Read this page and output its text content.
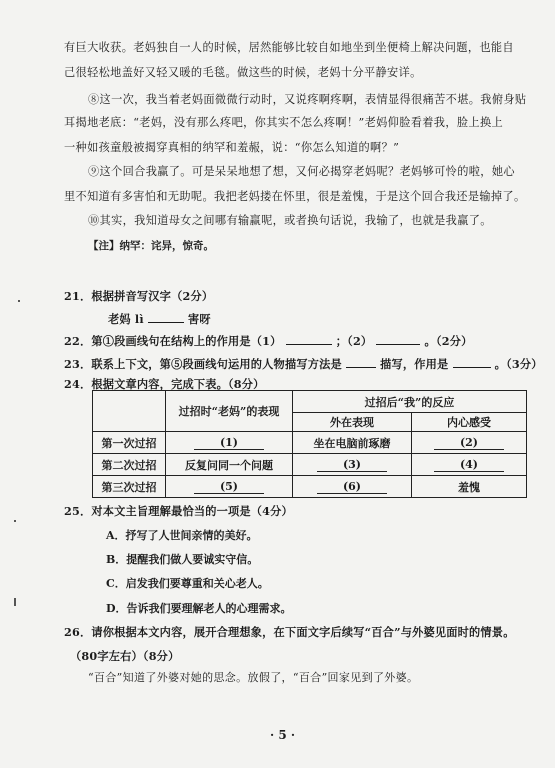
有巨大收获。老妈独自一人的时候，居然能够比较自如地坐到坐便椅上解决问题，也能自
己很轻松地盖好又轻又暖的毛毯。做这些的时候，老妈十分平静安详。
⑧这一次，我当着老妈面微微行动时，又说疼啊疼啊，表情显得很痛苦不堪。我俯身贴
耳揭地老底：“老妈，没有那么疼吧，你其实不怎么疼啊！”老妈仰脸看着我，脸上换上
一种如孩童般被揭穿真相的纳罕和羞赧，说：“你怎么知道的啊？”
⑨这个回合我赢了。可是呆呆地想了想，又何必揭穿老妈呢？老妈够可怜的啦，她心
里不知道有多害怕和无助呢。我把老妈搂在怀里，很是羞愧，于是这个回合我还是输掉了。
⑩其实，我知道母女之间哪有输赢呢，或者换句话说，我输了，也就是我赢了。
【注】纳罕：诧异，惊奇。
21．根据拼音写汉字（2分）
老妈 lì	害呀
22．第①段画线句在结构上的作用是（1）	；（2）	。（2分）
23．联系上下文，第⑤段画线句运用的人物描写方法是	描写，作用是	。（3分）
24．根据文章内容，完成下表。（8分）
	过招时“老妈”的表现	过招后“我”的反应	
		外在表现	内心感受
第一次过招	(1)	坐在电脑前琢磨	(2)
第二次过招	反复问同一个问题	(3)	(4)
第三次过招	(5)	(6)	羞愧
25．对本文主旨理解最恰当的一项是（4分）
A．抒写了人世间亲情的美好。
B．提醒我们做人要诚实守信。
C．启发我们要尊重和关心老人。
D．告诉我们要理解老人的心理需求。
26．请你根据本文内容，展开合理想象，在下面文字后续写“百合”与外婆见面时的情景。
（80字左右）（8分）
“百合”知道了外婆对她的思念。放假了，“百合”回家见到了外婆。
· 5 ·
